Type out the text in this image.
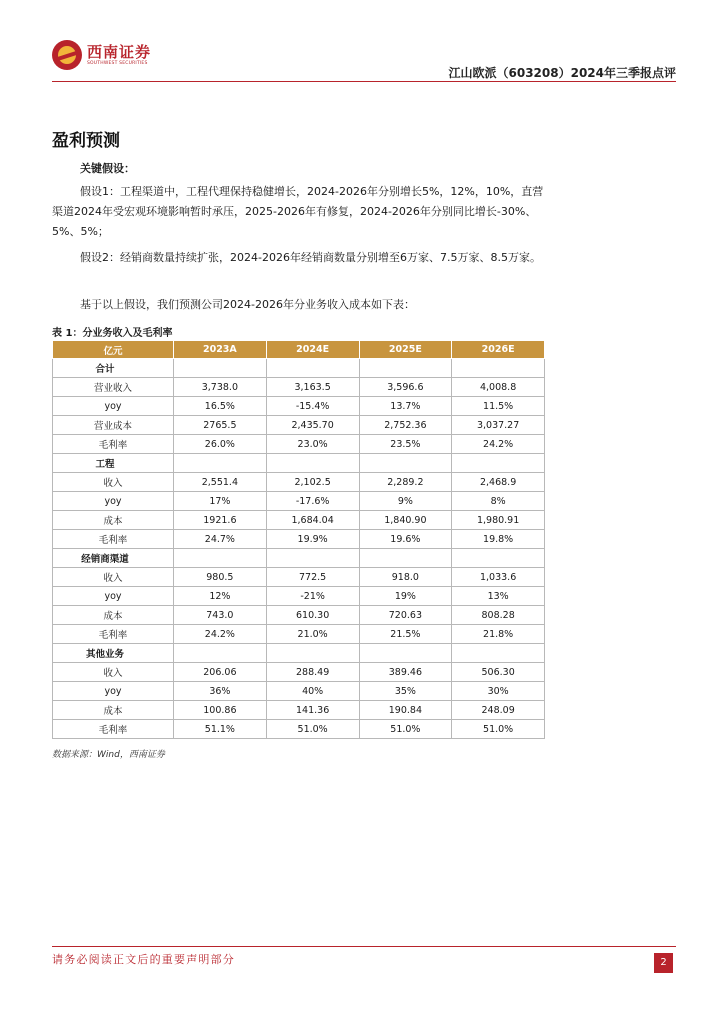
西南证券
SOUTHWEST SECURITIES
江山欧派（603208）2024年三季报点评
盈利预测
关键假设：

假设1：工程渠道中，工程代理保持稳健增长，2024-2026年分别增长5%，12%，10%，直营渠道2024年受宏观环境影响暂时承压，2025-2026年有修复，2024-2026年分别同比增长-30%、5%、5%；

假设2：经销商数量持续扩张，2024-2026年经销商数量分别增至6万家、7.5万家、8.5万家。

基于以上假设，我们预测公司2024-2026年分业务收入成本如下表：

表 1：分业务收入及毛利率
亿元	2023A	2024E	2025E	2026E
合计				
营业收入	3,738.0	3,163.5	3,596.6	4,008.8
yoy	16.5%	-15.4%	13.7%	11.5%
营业成本	2765.5	2,435.70	2,752.36	3,037.27
毛利率	26.0%	23.0%	23.5%	24.2%
工程				
收入	2,551.4	2,102.5	2,289.2	2,468.9
yoy	17%	-17.6%	9%	8%
成本	1921.6	1,684.04	1,840.90	1,980.91
毛利率	24.7%	19.9%	19.6%	19.8%
经销商渠道				
收入	980.5	772.5	918.0	1,033.6
yoy	12%	-21%	19%	13%
成本	743.0	610.30	720.63	808.28
毛利率	24.2%	21.0%	21.5%	21.8%
其他业务				
收入	206.06	288.49	389.46	506.30
yoy	36%	40%	35%	30%
成本	100.86	141.36	190.84	248.09
毛利率	51.1%	51.0%	51.0%	51.0%
数据来源：Wind，西南证券
请务必阅读正文后的重要声明部分	2
